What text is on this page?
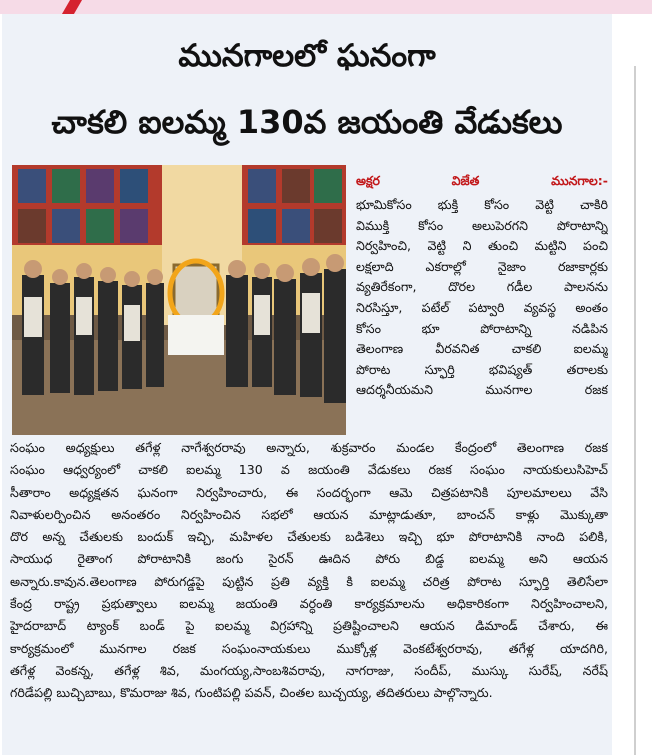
మునగాలలో ఘనంగా
చాకలి ఐలమ్మ 130వ జయంతి వేడుకలు
అక్షర	విజేత	మునగాల:-
భూమికోసం భుక్తి కోసం వెట్టి చాకిరి
విముక్తి కోసం అలుపెరగని పోరాటాన్ని
నిర్వహించి, వెట్టి ని తుంచి మట్టిని పంచి
లక్షలాది ఎకరాల్లో నైజాం రజాకార్లకు
వ్యతిరేకంగా, దొరల గడీల పాలనను
నిరసిస్తూ, పటేల్ పట్వారి వ్యవస్థ అంతం
కోసం భూ పోరాటాన్ని నడిపిన
తెలంగాణ వీరవనిత చాకలి ఐలమ్మ
పోరాట స్ఫూర్తి భవిష్యత్ తరాలకు
ఆదర్శనీయమని మునగాల రజక
సంఘం అధ్యక్షులు తగేళ్ల నాగేశ్వరరావు అన్నారు, శుక్రవారం మండల కేంద్రంలో తెలంగాణ రజక
సంఘం ఆధ్వర్యంలో చాకలి ఐలమ్మ 130 వ జయంతి వేడుకలు రజక సంఘం నాయకులుసిహెచ్
సీతారాం అధ్యక్షతన ఘనంగా నిర్వహించారు, ఈ సందర్భంగా ఆమె చిత్రపటానికి పూలమాలలు వేసి
నివాళులర్పించిన అనంతరం నిర్వహించిన సభలో ఆయన మాట్లాడుతూ, బాంచన్ కాళ్లు మొక్కుతా
దొర అన్న చేతులకు బందుక్ ఇచ్చి, మహిళల చేతులకు బడిశెలు ఇచ్చి భూ పోరాటానికి నాంది పలికి,
సాయుధ రైతాంగ పోరాటానికి జంగు సైరన్ ఊదిన పోరు బిడ్డ ఐలమ్మ అని ఆయన
అన్నారు.కావున.తెలంగాణ పోరుగడ్డపై పుట్టిన ప్రతి వ్యక్తి కి ఐలమ్మ చరిత్ర పోరాట స్ఫూర్తి తెలిసేలా
కేంద్ర రాష్ట్ర ప్రభుత్వాలు ఐలమ్మ జయంతి వర్ధంతి కార్యక్రమాలను అధికారికంగా నిర్వహించాలని,
హైదరాబాద్ ట్యాంక్ బండ్ పై ఐలమ్మ విగ్రహాన్ని ప్రతిష్టించాలని ఆయన డిమాండ్ చేశారు, ఈ
కార్యక్రమంలో మునగాల రజక సంఘంనాయకులు ముక్కోళ్ల వెంకటేశ్వరరావు, తగేళ్ల యాదగిరి,
తగేళ్ల వెంకన్న, తగేళ్ల శివ, మంగయ్య,సాంబశివరావు, నాగరాజు, సందీప్, ముస్కు సురేష్, నరేష్
గరిడేపల్లి బుచ్చిబాబు, కొమరాజు శివ, గుంటిపల్లి పవన్, చింతల బుచ్చయ్య, తదితరులు పాల్గొన్నారు.
